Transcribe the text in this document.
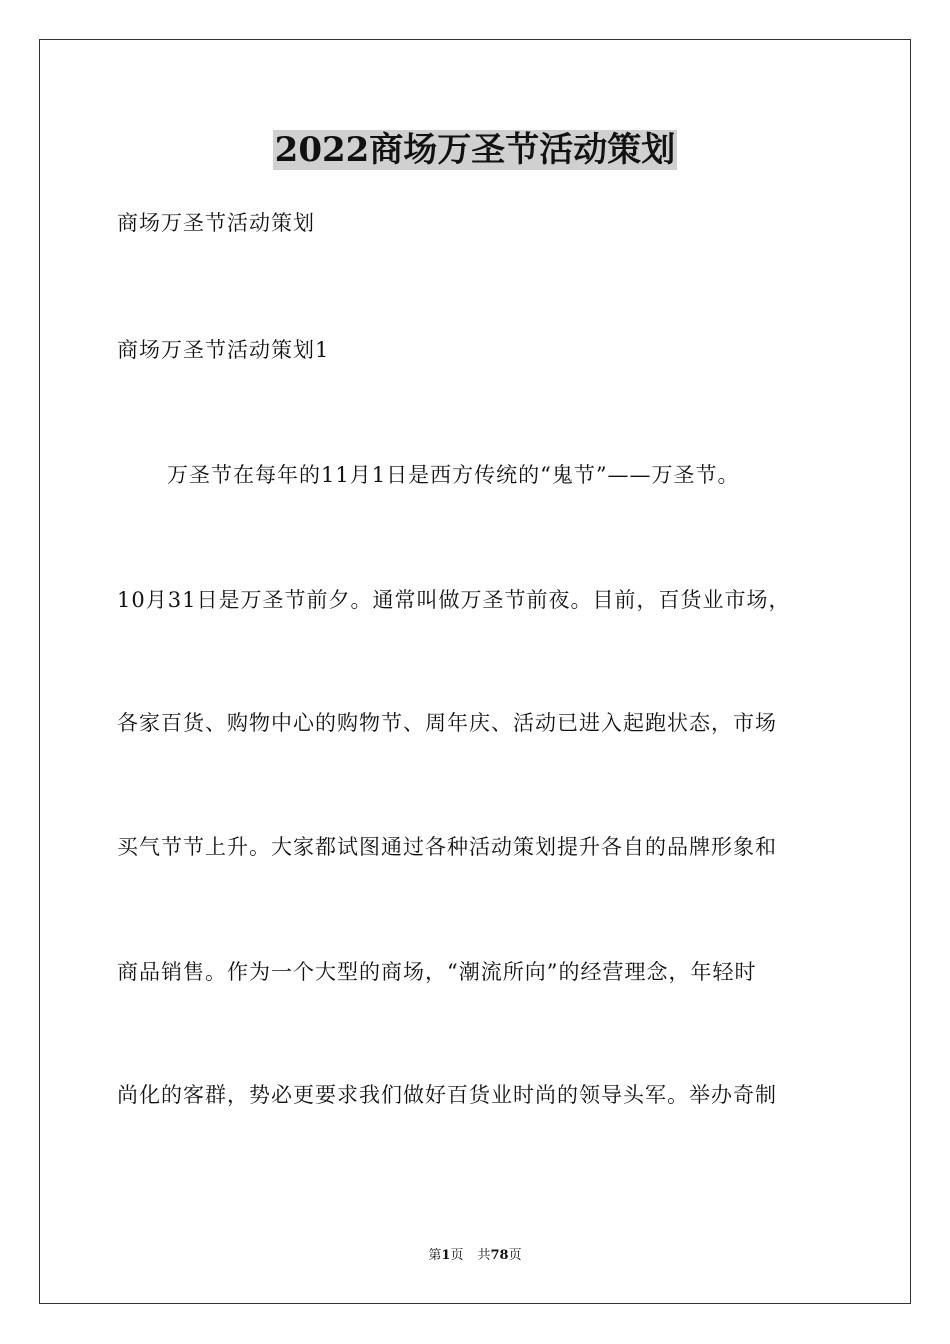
2022商场万圣节活动策划
商场万圣节活动策划
商场万圣节活动策划1
万圣节在每年的11月1日是西方传统的“鬼节”——万圣节。
10月31日是万圣节前夕。通常叫做万圣节前夜。目前，百货业市场，
各家百货、购物中心的购物节、周年庆、活动已进入起跑状态，市场
买气节节上升。大家都试图通过各种活动策划提升各自的品牌形象和
商品销售。作为一个大型的商场，“潮流所向”的经营理念，年轻时
尚化的客群，势必更要求我们做好百货业时尚的领导头军。举办奇制
第1页 共78页
